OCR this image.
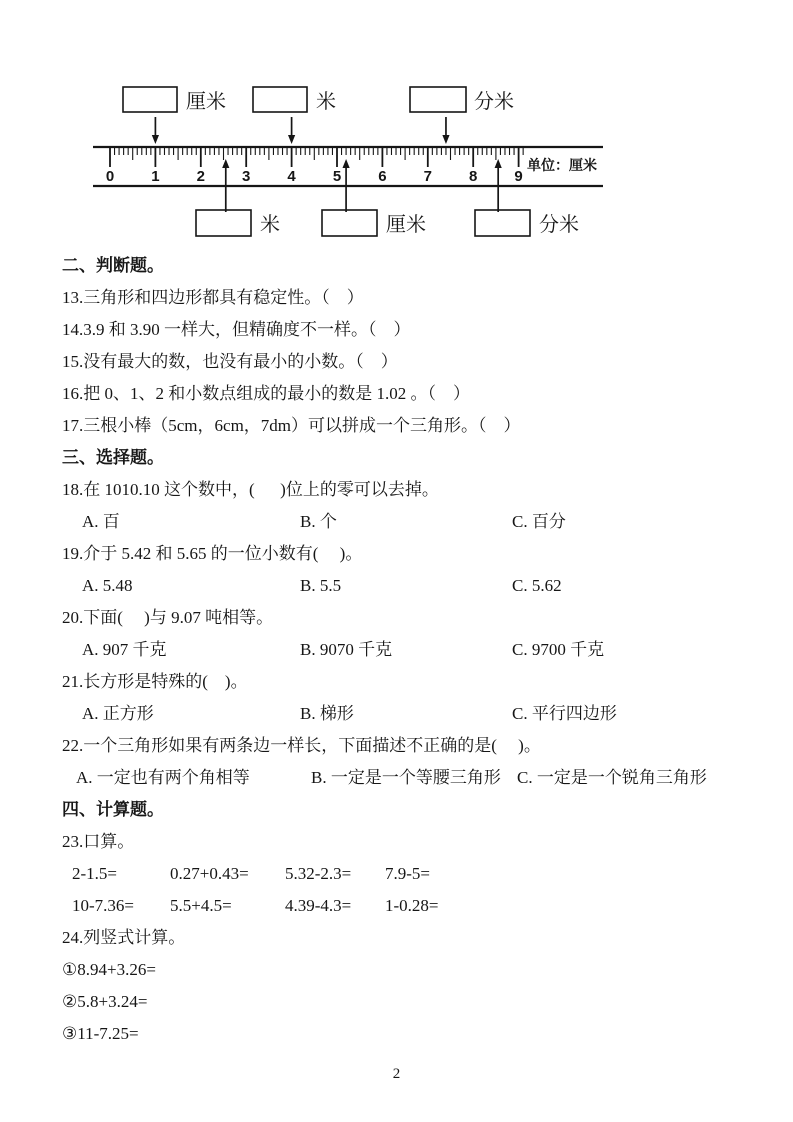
厘米	米	分米
0 1 2 3 4 5 6 7 8 9
单位：厘米
米	厘米	分米
二、判断题。
13.三角形和四边形都具有稳定性。（　）
14.3.9 和 3.90 一样大，但精确度不一样。（　）
15.没有最大的数，也没有最小的小数。（　）
16.把 0、1、2 和小数点组成的最小的数是 1.02 。（　）
17.三根小棒（5cm，6cm，7dm）可以拼成一个三角形。（　）
三、选择题。
18.在 1010.10 这个数中，(      )位上的零可以去掉。
A. 百	B. 个	C. 百分
19.介于 5.42 和 5.65 的一位小数有(     )。
A. 5.48	B. 5.5	C. 5.62
20.下面(     )与 9.07 吨相等。
A. 907 千克	B. 9070 千克	C. 9700 千克
21.长方形是特殊的(    )。
A. 正方形	B. 梯形	C. 平行四边形
22.一个三角形如果有两条边一样长，下面描述不正确的是(     )。
A. 一定也有两个角相等	B. 一定是一个等腰三角形 C. 一定是一个锐角三角形
四、计算题。
23.口算。
2-1.5=	0.27+0.43=	5.32-2.3=	7.9-5=
10-7.36=	5.5+4.5=	4.39-4.3=	1-0.28=
24.列竖式计算。
①8.94+3.26=
②5.8+3.24=
③11-7.25=
2
